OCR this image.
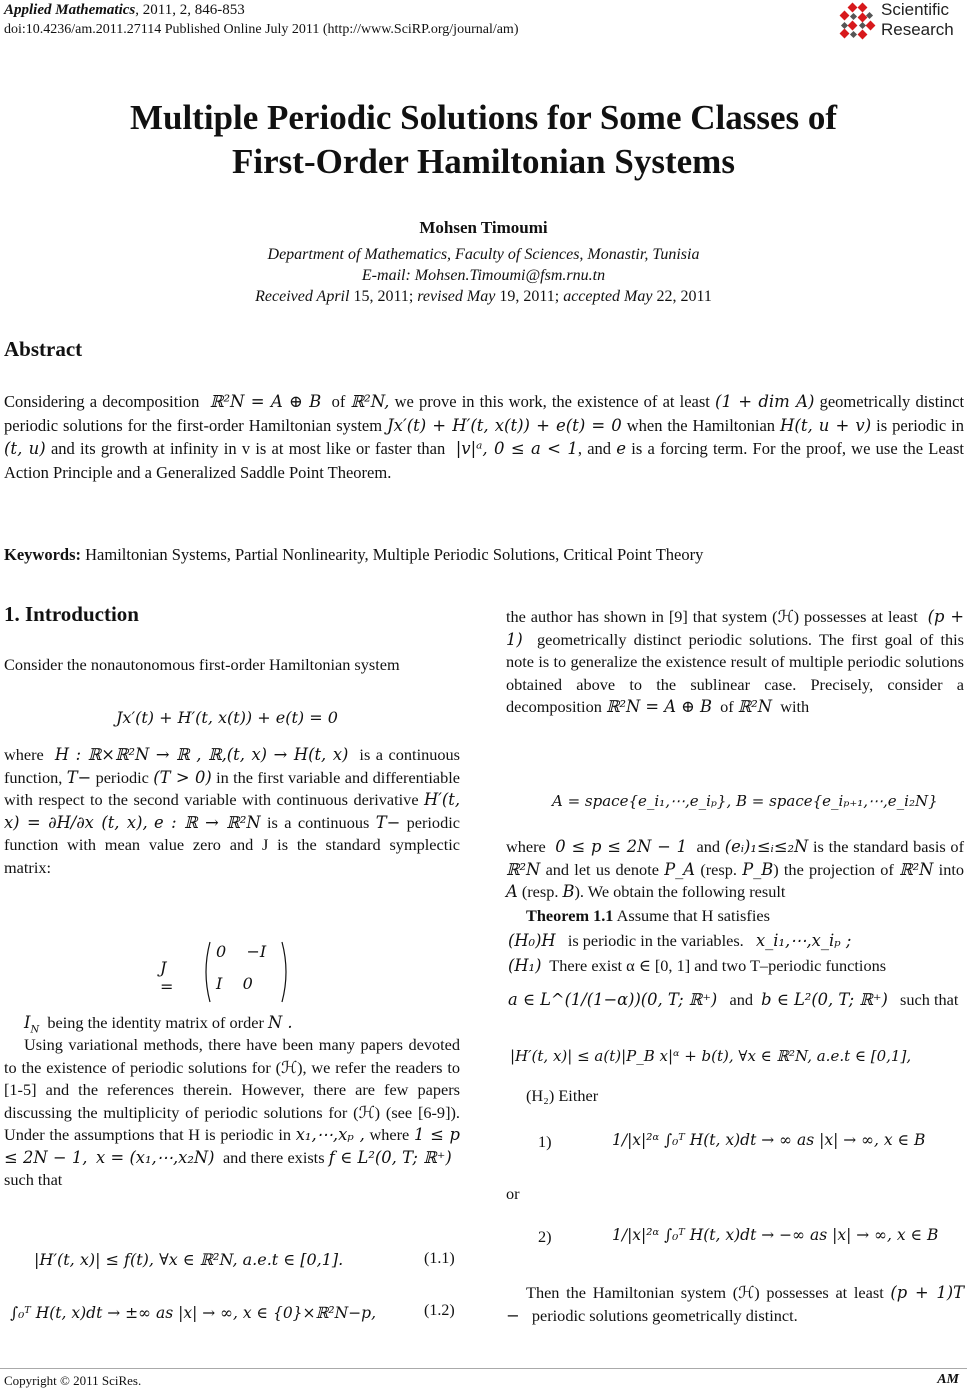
Applied Mathematics, 2011, 2, 846-853
doi:10.4236/am.2011.27114 Published Online July 2011 (http://www.SciRP.org/journal/am)
Scientific
Research
Multiple Periodic Solutions for Some Classes of
First-Order Hamiltonian Systems
Mohsen Timoumi
Department of Mathematics, Faculty of Sciences, Monastir, Tunisia
E-mail: Mohsen.Timoumi@fsm.rnu.tn
Received April 15, 2011; revised May 19, 2011; accepted May 22, 2011
Abstract
Considering a decomposition ℝ²N = A ⊕ B of ℝ²N, we prove in this work, the existence of at least (1 + dim A) geometrically distinct periodic solutions for the first-order Hamiltonian system Jx′(t) + H′(t, x(t)) + e(t) = 0 when the Hamiltonian H(t, u + v) is periodic in (t, u) and its growth at infinity in v is at most like or faster than |v|ᵃ, 0 ≤ a < 1, and e is a forcing term. For the proof, we use the Least Action Principle and a Generalized Saddle Point Theorem.
Keywords: Hamiltonian Systems, Partial Nonlinearity, Multiple Periodic Solutions, Critical Point Theory
1. Introduction

Consider the nonautonomous first-order Hamiltonian system

Jx′(t) + H′(t, x(t)) + e(t) = 0
where H : ℝ×ℝ²N → ℝ , ℝ,(t, x) → H(t, x) is a continuous function, T− periodic (T > 0) in the first variable and differentiable with respect to the second variable with continuous derivative H′(t, x) = ∂H/∂x (t, x), e : ℝ → ℝ²N is a continuous T− periodic function with mean value zero and J is the standard symplectic matrix:
J =
0    −I
I    0
$I_N$ being the identity matrix of order N .
Using variational methods, there have been many papers devoted to the existence of periodic solutions for (ℋ), we refer the readers to [1-5] and the references therein. However, there are few papers discussing the multiplicity of periodic solutions for (ℋ) (see [6-9]). Under the assumptions that H is periodic in x₁,⋯,xₚ , where 1 ≤ p ≤ 2N − 1, x = (x₁,⋯,x₂N) and there exists f ∈ L²(0, T; ℝ⁺)   such that
|H′(t, x)| ≤ f(t), ∀x ∈ ℝ²N, a.e.t ∈ [0,1].	(1.1)
∫₀ᵀ H(t, x)dt → ±∞ as |x| → ∞, x ∈ {0}×ℝ²N−p,	(1.2)
the author has shown in [9] that system (ℋ) possesses at least (p + 1) geometrically distinct periodic solutions. The first goal of this note is to generalize the existence result of multiple periodic solutions obtained above to the sublinear case. Precisely, consider a decomposition ℝ²N = A ⊕ B of ℝ²N with
A = space{e_i₁,⋯,e_iₚ}, B = space{e_iₚ₊₁,⋯,e_i₂N}
where 0 ≤ p ≤ 2N − 1 and (eᵢ)₁≤ᵢ≤₂N is the standard basis of ℝ²N and let us denote P_A (resp. P_B) the projection of ℝ²N into A (resp. B). We obtain the following result
Theorem 1.1 Assume that H satisfies
(H₀)H is periodic in the variables. x_i₁,⋯,x_iₚ ;
(H₁) There exist α ∈ [0, 1] and two T–periodic functions
a ∈ L^(1/(1−α))(0, T; ℝ⁺) and b ∈ L²(0, T; ℝ⁺) such that
|H′(t, x)| ≤ a(t)|P_B x|ᵅ + b(t), ∀x ∈ ℝ²N, a.e.t ∈ [0,1],
(H₂) Either
1)	1/|x|²ᵅ ∫₀ᵀ H(t, x)dt → ∞ as |x| → ∞, x ∈ B
or
2)	1/|x|²ᵅ ∫₀ᵀ H(t, x)dt → −∞ as |x| → ∞, x ∈ B
Then the Hamiltonian system (ℋ) possesses at least (p + 1)T − periodic solutions geometrically distinct.
Copyright © 2011 SciRes.	AM
